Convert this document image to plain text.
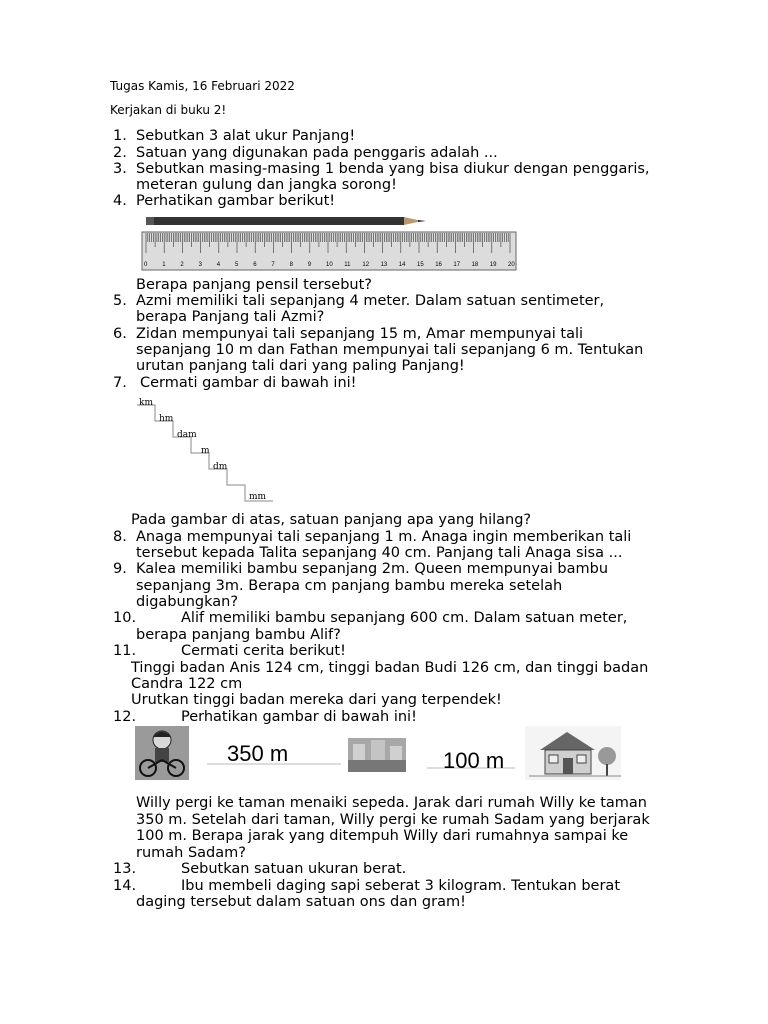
Tugas Kamis, 16 Februari 2022
Kerjakan di buku 2!
1. Sebutkan 3 alat ukur Panjang!
2. Satuan yang digunakan pada penggaris adalah ...
3. Sebutkan masing-masing 1 benda yang bisa diukur dengan penggaris,
meteran gulung dan jangka sorong!
4. Perhatikan gambar berikut!
0 1 2 3 4 5 6 7 8 9 10 11 12 13 14 15 16 17 18 19 20
Berapa panjang pensil tersebut?
5. Azmi memiliki tali sepanjang 4 meter. Dalam satuan sentimeter,
berapa Panjang tali Azmi?
6. Zidan mempunyai tali sepanjang 15 m, Amar mempunyai tali
sepanjang 10 m dan Fathan mempunyai tali sepanjang 6 m. Tentukan
urutan panjang tali dari yang paling Panjang!
7. Cermati gambar di bawah ini!
km
hm
dam
m
dm
mm
Pada gambar di atas, satuan panjang apa yang hilang?
8. Anaga mempunyai tali sepanjang 1 m. Anaga ingin memberikan tali
tersebut kepada Talita sepanjang 40 cm. Panjang tali Anaga sisa ...
9. Kalea memiliki bambu sepanjang 2m. Queen mempunyai bambu
sepanjang 3m. Berapa cm panjang bambu mereka setelah
digabungkan?
10.	Alif memiliki bambu sepanjang 600 cm. Dalam satuan meter,
berapa panjang bambu Alif?
11.	Cermati cerita berikut!
Tinggi badan Anis 124 cm, tinggi badan Budi 126 cm, dan tinggi badan
Candra 122 cm
Urutkan tinggi badan mereka dari yang terpendek!
12.	Perhatikan gambar di bawah ini!
350 m	100 m
Willy pergi ke taman menaiki sepeda. Jarak dari rumah Willy ke taman
350 m. Setelah dari taman, Willy pergi ke rumah Sadam yang berjarak
100 m. Berapa jarak yang ditempuh Willy dari rumahnya sampai ke
rumah Sadam?
13.	Sebutkan satuan ukuran berat.
14.	Ibu membeli daging sapi seberat 3 kilogram. Tentukan berat
daging tersebut dalam satuan ons dan gram!
